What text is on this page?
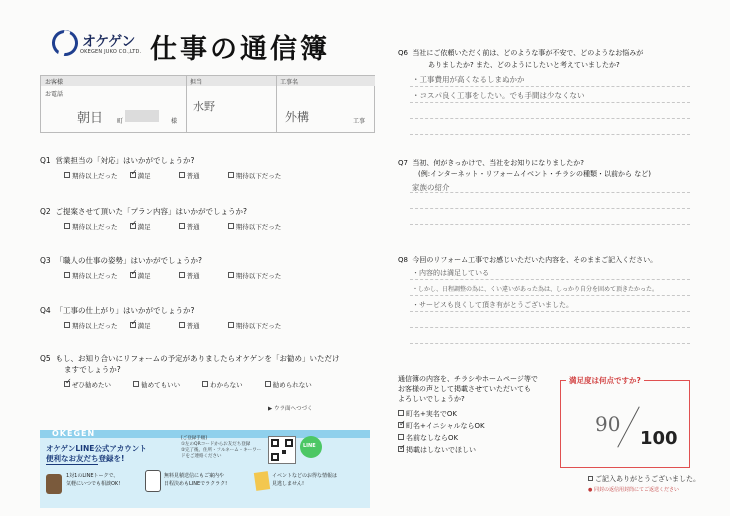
オケゲン
OKEGEN JUKO CO.,LTD. 仕事の通信簿
お客様
お電話
朝日 町	様
担当
水野
工事名
外構	工事
Q1 営業担当の「対応」はいかがでしょうか?
期待以上だった ✓	満足	普通	期待以下だった
Q2 ご提案させて頂いた「プラン内容」はいかがでしょうか?
期待以上だった ✓	満足	普通	期待以下だった
Q3 「職人の仕事の姿勢」はいかがでしょうか?
期待以上だった ✓	満足	普通	期待以下だった
Q4 「工事の仕上がり」はいかがでしょうか?
期待以上だった ✓	満足	普通	期待以下だった
Q5 もし、お知り合いにリフォームの予定がありましたらオケゲンを「お勧め」いただけ
ますでしょうか?
✓ぜひ勧めたい	勧めてもいい	わからない	勧められない
▶ ウラ面へつづく
OKEGEN
オケゲンLINE公式アカウント
便利なお友だち登録を!
[ご登録手順]
①左のQRコードからお友だち登録
②完了後、住所・フルネーム・キーワードをご連絡ください
LINE
1対1のLINEトークで、
気軽にいつでも相談OK!
無料見積送信にもご案内や
日程決めもLINEでラクラク!
イベントなどのお得な情報は
見逃しません!
Q6 当社にご依頼いただく前は、どのような事が不安で、どのようなお悩みが
ありましたか? また、どのようにしたいと考えていましたか?
・工事費用が高くなるしまぬかか
・コスパ良く工事をしたい。でも手間は少なくない
Q7 当初、何がきっかけで、当社をお知りになりましたか?
(例:インターネット・リフォームイベント・チラシの種類・以前から など)
家族の紹介
Q8 今回のリフォーム工事でお感じいただいた内容を、そのままご記入ください。
・内容的は満足している
・しかし、日程調整の為に、くい違いがあった為は、しっかり自分を固めて頂きたかった。
・サービスも良くして頂き有がとうございました。
通信簿の内容を、チラシやホームページ等で
お客様の声として掲載させていただいても
よろしいでしょうか?
町名+実名でOK
✓町名+イニシャルならOK
名前なしならOK
✓掲載はしないでほしい
満足度は何点ですか?
90
100
ご記入ありがとうございました。
● 同封の返信用封筒にてご返送ください
